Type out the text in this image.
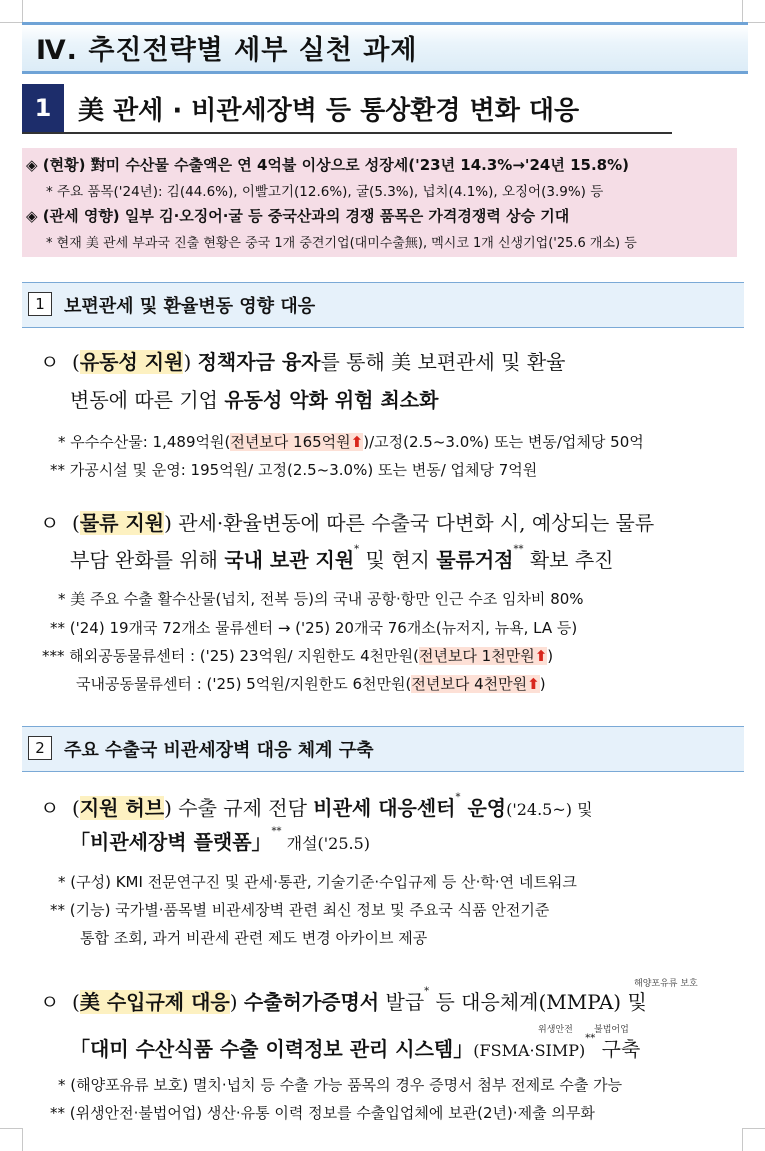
Ⅳ. 추진전략별 세부 실천 과제
1	美 관세 · 비관세장벽 등 통상환경 변화 대응
◈ (현황) 對미 수산물 수출액은 연 4억불 이상으로 성장세('23년 14.3%→'24년 15.8%)
* 주요 품목('24년): 김(44.6%), 이빨고기(12.6%), 굴(5.3%), 넙치(4.1%), 오징어(3.9%) 등
◈ (관세 영향) 일부 김·오징어·굴 등 중국산과의 경쟁 품목은 가격경쟁력 상승 기대
* 현재 美 관세 부과국 진출 현황은 중국 1개 중견기업(대미수출無), 멕시코 1개 신생기업('25.6 개소) 등
1	보편관세 및 환율변동 영향 대응
ㅇ  (유동성 지원) 정책자금 융자를 통해 美 보편관세 및 환율
변동에 따른 기업 유동성 악화 위험 최소화
* 우수수산물: 1,489억원(전년보다 165억원⬆)/고정(2.5~3.0%) 또는 변동/업체당 50억
** 가공시설 및 운영: 195억원/ 고정(2.5~3.0%) 또는 변동/ 업체당 7억원
ㅇ  (물류 지원) 관세·환율변동에 따른 수출국 다변화 시, 예상되는 물류
부담 완화를 위해 국내 보관 지원* 및 현지 물류거점** 확보 추진
* 美 주요 수출 활수산물(넙치, 전복 등)의 국내 공항·항만 인근 수조 임차비 80%
** ('24) 19개국 72개소 물류센터 → ('25) 20개국 76개소(뉴저지, 뉴욕, LA 등)
*** 해외공동물류센터 : ('25) 23억원/ 지원한도 4천만원(전년보다 1천만원⬆)
국내공동물류센터 : ('25) 5억원/지원한도 6천만원(전년보다 4천만원⬆)
2	주요 수출국 비관세장벽 대응 체계 구축
ㅇ  (지원 허브) 수출 규제 전담 비관세 대응센터* 운영('24.5~) 및
「비관세장벽 플랫폼」** 개설('25.5)
* (구성) KMI 전문연구진 및 관세·통관, 기술기준·수입규제 등 산·학·연 네트워크
** (기능) 국가별·품목별 비관세장벽 관련 최신 정보 및 주요국 식품 안전기준
통합 조회, 과거 비관세 관련 제도 변경 아카이브 제공
해양포유류 보호
ㅇ  (美 수입규제 대응) 수출허가증명서 발급* 등 대응체계(MMPA) 및
위생안전 불법어업
「대미 수산식품 수출 이력정보 관리 시스템」(FSMA·SIMP)** 구축
* (해양포유류 보호) 멸치·넙치 등 수출 가능 품목의 경우 증명서 첨부 전제로 수출 가능
** (위생안전·불법어업) 생산·유통 이력 정보를 수출입업체에 보관(2년)·제출 의무화
